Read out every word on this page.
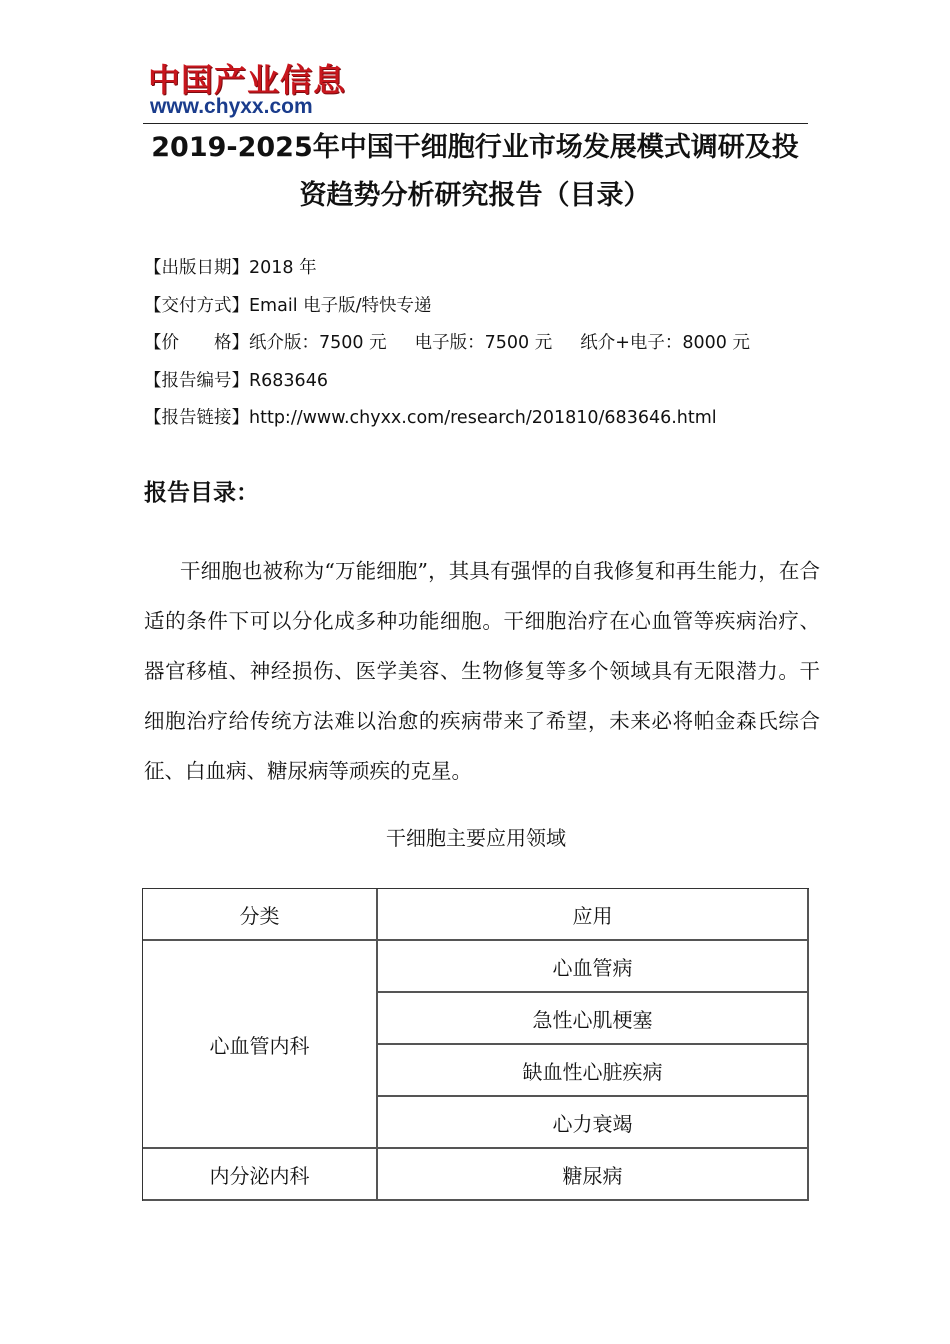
中国产业信息
www.chyxx.com
2019-2025年中国干细胞行业市场发展模式调研及投
资趋势分析研究报告（目录）
【出版日期】2018 年
【交付方式】Email 电子版/特快专递
【价　　格】纸介版：7500 元 电子版：7500 元 纸介+电子：8000 元
【报告编号】R683646
【报告链接】http://www.chyxx.com/research/201810/683646.html
报告目录：
干细胞也被称为“万能细胞”，其具有强悍的自我修复和再生能力，在合适的条件下可以分化成多种功能细胞。干细胞治疗在心血管等疾病治疗、器官移植、神经损伤、医学美容、生物修复等多个领域具有无限潜力。干细胞治疗给传统方法难以治愈的疾病带来了希望，未来必将帕金森氏综合征、白血病、糖尿病等顽疾的克星。
干细胞主要应用领域
分类	应用
心血管内科	心血管病
	急性心肌梗塞
	缺血性心脏疾病
	心力衰竭
内分泌内科	糖尿病
